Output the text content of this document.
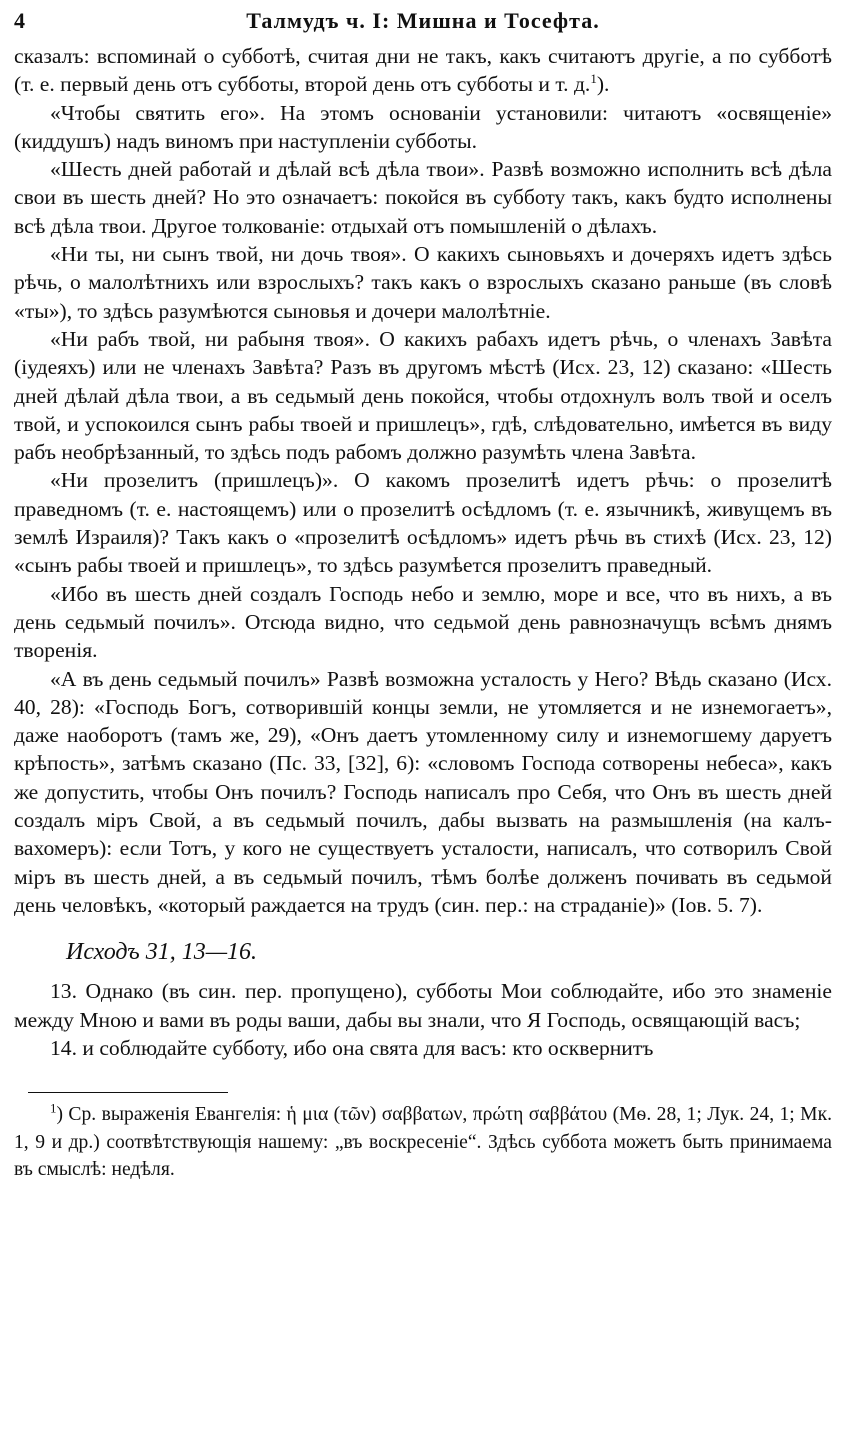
4	Талмудъ ч. I: Мишна и Тосефта.

сказалъ: вспоминай о субботѣ, считая дни не такъ, какъ считаютъ другіе, а по субботѣ (т. е. первый день отъ субботы, второй день отъ субботы и т. д.$^1$).

«Чтобы святить его». На этомъ основаніи установили: читаютъ «освященіе» (киддушъ) надъ виномъ при наступленіи субботы.

«Шесть дней работай и дѣлай всѣ дѣла твои». Развѣ возможно исполнить всѣ дѣла свои въ шесть дней? Но это означаетъ: покойся въ субботу такъ, какъ будто исполнены всѣ дѣла твои. Другое толкованіе: отдыхай отъ помышленій о дѣлахъ.

«Ни ты, ни сынъ твой, ни дочь твоя». О какихъ сыновьяхъ и дочеряхъ идетъ здѣсь рѣчь, о малолѣтнихъ или взрослыхъ? такъ какъ о взрослыхъ сказано раньше (въ словѣ «ты»), то здѣсь разумѣются сыновья и дочери малолѣтніе.

«Ни рабъ твой, ни рабыня твоя». О какихъ рабахъ идетъ рѣчь, о членахъ Завѣта (іудеяхъ) или не членахъ Завѣта? Разъ въ другомъ мѣстѣ (Исх. 23, 12) сказано: «Шесть дней дѣлай дѣла твои, а въ седьмый день покойся, чтобы отдохнулъ волъ твой и оселъ твой, и успокоился сынъ рабы твоей и пришлецъ», гдѣ, слѣдовательно, имѣется въ виду рабъ необрѣзанный, то здѣсь подъ рабомъ должно разумѣть члена Завѣта.

«Ни прозелитъ (пришлецъ)». О какомъ прозелитѣ идетъ рѣчь: о прозелитѣ праведномъ (т. е. настоящемъ) или о прозелитѣ осѣдломъ (т. е. язычникѣ, живущемъ въ землѣ Израиля)? Такъ какъ о «прозелитѣ осѣдломъ» идетъ рѣчь въ стихѣ (Исх. 23, 12) «сынъ рабы твоей и пришлецъ», то здѣсь разумѣется прозелитъ праведный.

«Ибо въ шесть дней создалъ Господь небо и землю, море и все, что въ нихъ, а въ день седьмый почилъ». Отсюда видно, что седьмой день равнозначущъ всѣмъ днямъ творенія.

«А въ день седьмый почилъ» Развѣ возможна усталость у Него? Вѣдь сказано (Исх. 40, 28): «Господь Богъ, сотворившій концы земли, не утомляется и не изнемогаетъ», даже наоборотъ (тамъ же, 29), «Онъ даетъ утомленному силу и изнемогшему даруетъ крѣпость», затѣмъ сказано (Пс. 33, [32], 6): «словомъ Господа сотворены небеса», какъ же допустить, чтобы Онъ почилъ? Господь написалъ про Себя, что Онъ въ шесть дней создалъ міръ Свой, а въ седьмый почилъ, дабы вызвать на размышленія (на калъ-вахомеръ): если Тотъ, у кого не существуетъ усталости, написалъ, что сотворилъ Свой міръ въ шесть дней, а въ седьмый почилъ, тѣмъ болѣе долженъ почивать въ седьмой день человѣкъ, «который раждается на трудъ (син. пер.: на страданіе)» (Іов. 5. 7).

Исходъ 31, 13—16.

13. Однако (въ син. пер. пропущено), субботы Мои соблюдайте, ибо это знаменіе между Мною и вами въ роды ваши, дабы вы знали, что Я Господь, освящающій васъ;

14. и соблюдайте субботу, ибо она свята для васъ: кто осквернитъ

$^1$) Ср. выраженія Евангелія: ἡ μια (τῶν) σαββατων, πρώτη σαββάτου (Мѳ. 28, 1; Лук. 24, 1; Мк. 1, 9 и др.) соотвѣтствующія нашему: „въ воскресеніе“. Здѣсь суббота можетъ быть принимаема въ смыслѣ: недѣля.
